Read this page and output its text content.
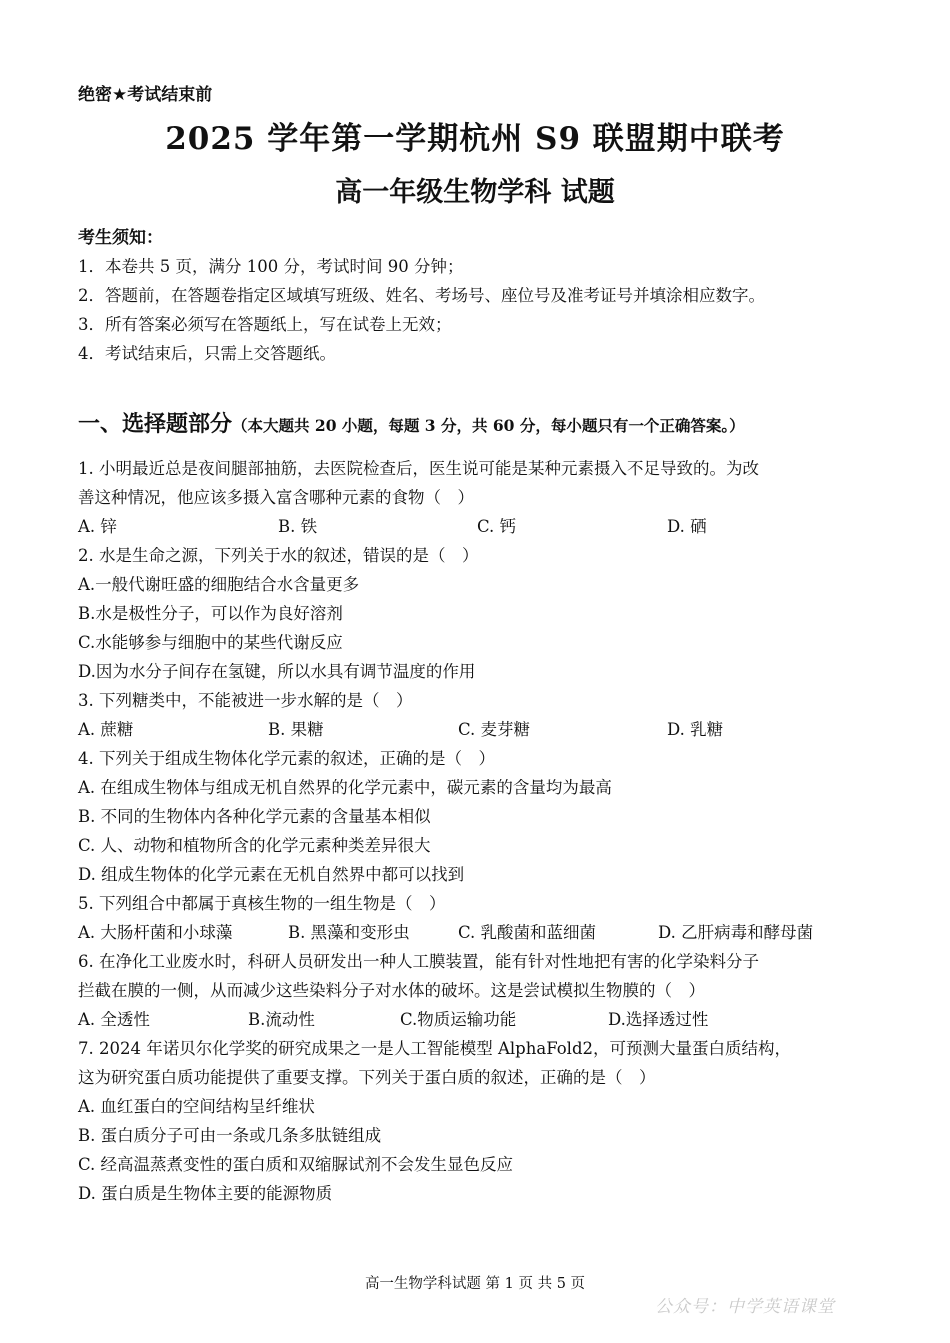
绝密★考试结束前
2025 学年第一学期杭州 S9 联盟期中联考
高一年级生物学科 试题
考生须知：
1．本卷共 5 页，满分 100 分，考试时间 90 分钟；
2．答题前，在答题卷指定区域填写班级、姓名、考场号、座位号及准考证号并填涂相应数字。
3．所有答案必须写在答题纸上，写在试卷上无效；
4．考试结束后，只需上交答题纸。
一、选择题部分（本大题共 20 小题，每题 3 分，共 60 分，每小题只有一个正确答案。）
1. 小明最近总是夜间腿部抽筋，去医院检查后，医生说可能是某种元素摄入不足导致的。为改
善这种情况，他应该多摄入富含哪种元素的食物（　）
A. 锌	B. 铁	C. 钙	D. 硒
2. 水是生命之源，下列关于水的叙述，错误的是（　）
A.一般代谢旺盛的细胞结合水含量更多
B.水是极性分子，可以作为良好溶剂
C.水能够参与细胞中的某些代谢反应
D.因为水分子间存在氢键，所以水具有调节温度的作用
3. 下列糖类中，不能被进一步水解的是（　）
A. 蔗糖	B. 果糖	C. 麦芽糖	D. 乳糖
4. 下列关于组成生物体化学元素的叙述，正确的是（　）
A. 在组成生物体与组成无机自然界的化学元素中，碳元素的含量均为最高
B. 不同的生物体内各种化学元素的含量基本相似
C. 人、动物和植物所含的化学元素种类差异很大
D. 组成生物体的化学元素在无机自然界中都可以找到
5. 下列组合中都属于真核生物的一组生物是（　）
A. 大肠杆菌和小球藻	B. 黑藻和变形虫	C. 乳酸菌和蓝细菌	D. 乙肝病毒和酵母菌
6. 在净化工业废水时，科研人员研发出一种人工膜装置，能有针对性地把有害的化学染料分子
拦截在膜的一侧，从而减少这些染料分子对水体的破坏。这是尝试模拟生物膜的（　）
A. 全透性	B.流动性	C.物质运输功能	D.选择透过性
7. 2024 年诺贝尔化学奖的研究成果之一是人工智能模型 AlphaFold2，可预测大量蛋白质结构，
这为研究蛋白质功能提供了重要支撑。下列关于蛋白质的叙述，正确的是（　）
A. 血红蛋白的空间结构呈纤维状
B. 蛋白质分子可由一条或几条多肽链组成
C. 经高温蒸煮变性的蛋白质和双缩脲试剂不会发生显色反应
D. 蛋白质是生物体主要的能源物质
高一生物学科试题 第 1 页 共 5 页
公众号：中学英语课堂
